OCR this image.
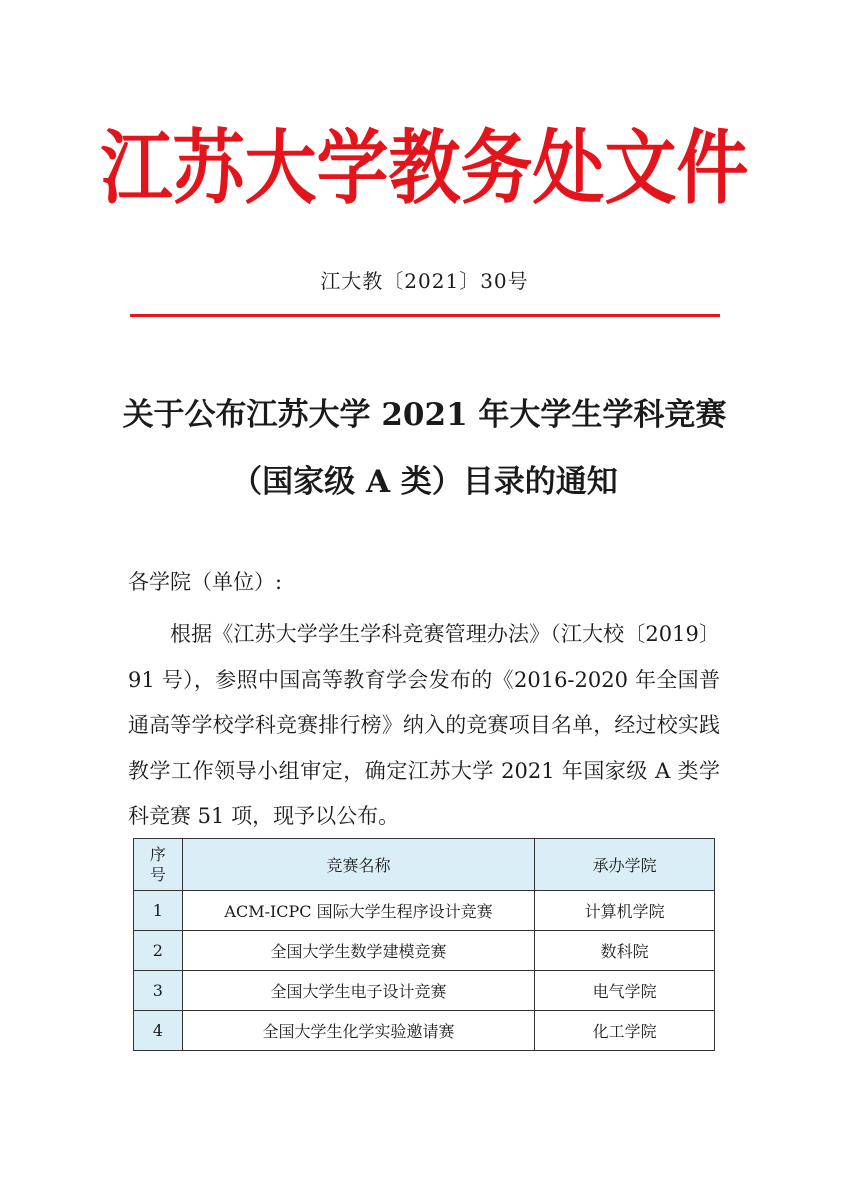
江苏大学教务处文件
江大教〔2021〕30号
关于公布江苏大学 2021 年大学生学科竞赛
（国家级 A 类）目录的通知
各学院（单位）:
根据《江苏大学学生学科竞赛管理办法》（江大校〔2019〕91 号），参照中国高等教育学会发布的《2016-2020 年全国普通高等学校学科竞赛排行榜》纳入的竞赛项目名单，经过校实践教学工作领导小组审定，确定江苏大学 2021 年国家级 A 类学科竞赛 51 项，现予以公布。
序号	竞赛名称	承办学院
1	ACM-ICPC 国际大学生程序设计竞赛	计算机学院
2	全国大学生数学建模竞赛	数科院
3	全国大学生电子设计竞赛	电气学院
4	全国大学生化学实验邀请赛	化工学院
